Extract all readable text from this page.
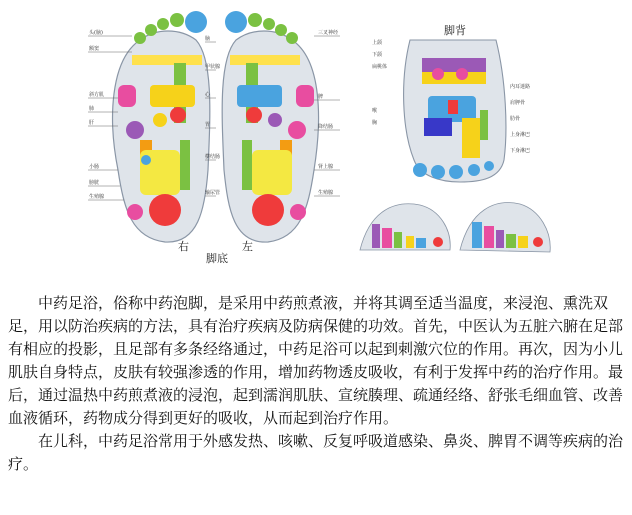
头(脑)
额窦
斜方肌
肺
肝
小肠
膀胱
生殖腺
脑
甲状腺
心
胃
横结肠
输尿管
三叉神经
脾
降结肠
肾上腺
生殖腺
右
脚底
左
脚背
上颌
下颌
扁桃体
喉
胸
内耳迷路
肩胛骨
肋骨
上身淋巴
下身淋巴

中药足浴，俗称中药泡脚，是采用中药煎煮液，并将其调至适当温度，来浸泡、熏洗双足，用以防治疾病的方法，具有治疗疾病及防病保健的功效。首先，中医认为五脏六腑在足部有相应的投影，且足部有多条经络通过，中药足浴可以起到刺激穴位的作用。再次，因为小儿肌肤自身特点，皮肤有较强渗透的作用，增加药物透皮吸收，有利于发挥中药的治疗作用。最后，通过温热中药煎煮液的浸泡，起到濡润肌肤、宣统腠理、疏通经络、舒张毛细血管、改善血液循环，药物成分得到更好的吸收，从而起到治疗作用。

在儿科，中药足浴常用于外感发热、咳嗽、反复呼吸道感染、鼻炎、脾胃不调等疾病的治疗。
